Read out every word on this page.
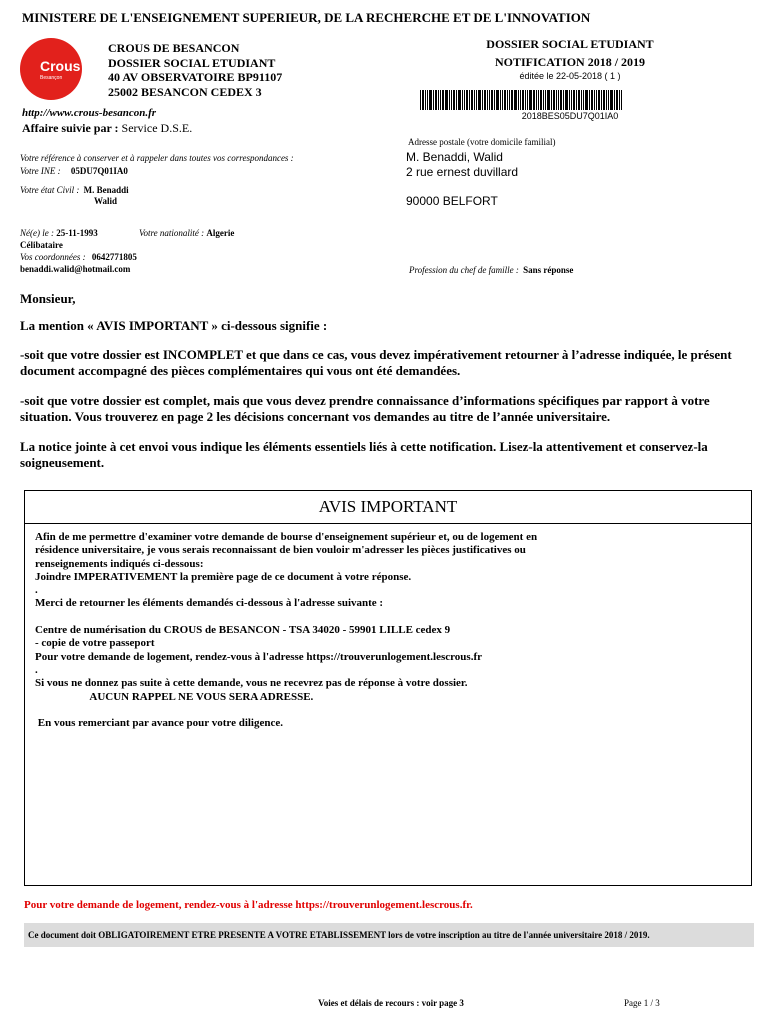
MINISTERE DE L'ENSEIGNEMENT SUPERIEUR, DE LA RECHERCHE ET DE L'INNOVATION
Crous
Besançon
CROUS DE BESANCON
DOSSIER SOCIAL ETUDIANT
40 AV OBSERVATOIRE BP91107
25002 BESANCON CEDEX 3
http://www.crous-besancon.fr
Affaire suivie par : Service D.S.E.
DOSSIER SOCIAL ETUDIANT
NOTIFICATION 2018 / 2019
éditée le 22-05-2018 ( 1 )
2018BES05DU7Q01IA0
Votre référence à conserver et à rappeler dans toutes vos correspondances :
Votre INE : 05DU7Q01IA0
Votre état Civil : M. Benaddi
Walid
Né(e) le : 25-11-1993	Votre nationalité : Algerie
Célibataire
Vos coordonnées : 0642771805
benaddi.walid@hotmail.com
Adresse postale (votre domicile familial)
M. Benaddi, Walid
2 rue ernest duvillard
90000 BELFORT
Profession du chef de famille : Sans réponse
Monsieur,
La mention « AVIS IMPORTANT » ci-dessous signifie :
-soit que votre dossier est INCOMPLET et que dans ce cas, vous devez impérativement retourner à l’adresse indiquée, le présent document accompagné des pièces complémentaires qui vous ont été demandées.
-soit que votre dossier est complet, mais que vous devez prendre connaissance d’informations spécifiques par rapport à votre situation. Vous trouverez en page 2 les décisions concernant vos demandes au titre de l’année universitaire.
La notice jointe à cet envoi vous indique les éléments essentiels liés à cette notification. Lisez-la attentivement et conservez-la soigneusement.
AVIS IMPORTANT
Afin de me permettre d'examiner votre demande de bourse d'enseignement supérieur et, ou de logement en
résidence universitaire, je vous serais reconnaissant de bien vouloir m'adresser les pièces justificatives ou
renseignements indiqués ci-dessous:
Joindre IMPERATIVEMENT la première page de ce document à votre réponse.
.
Merci de retourner les éléments demandés ci-dessous à l'adresse suivante :
Centre de numérisation du CROUS de BESANCON - TSA 34020 - 59901 LILLE cedex 9
- copie de votre passeport
Pour votre demande de logement, rendez-vous à l'adresse https://trouverunlogement.lescrous.fr
.
Si vous ne donnez pas suite à cette demande, vous ne recevrez pas de réponse à votre dossier.
AUCUN RAPPEL NE VOUS SERA ADRESSE.
En vous remerciant par avance pour votre diligence.
Pour votre demande de logement, rendez-vous à l'adresse https://trouverunlogement.lescrous.fr.
Ce document doit OBLIGATOIREMENT ETRE PRESENTE A VOTRE ETABLISSEMENT lors de votre inscription au titre de l'année universitaire 2018 / 2019.
Voies et délais de recours : voir page 3	Page 1 / 3
